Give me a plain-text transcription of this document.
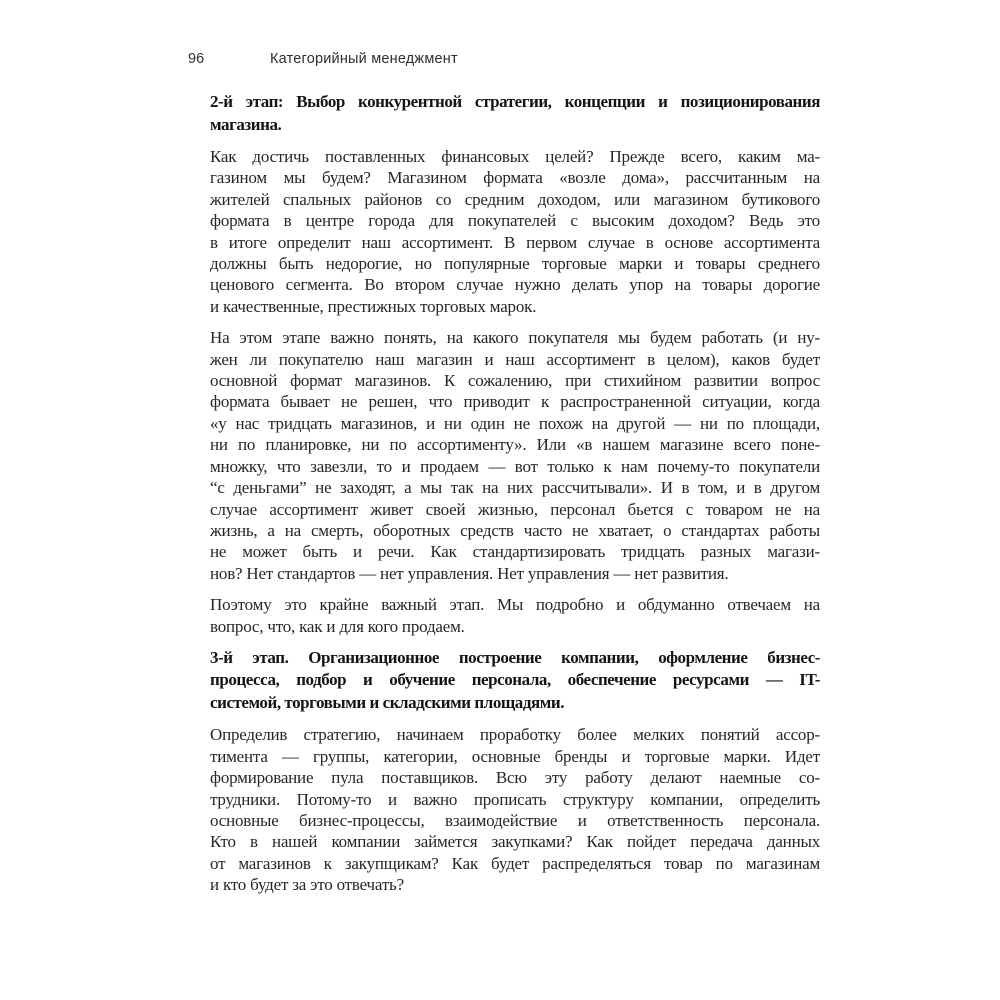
96	Категорийный менеджмент
2-й этап: Выбор конкурентной стратегии, концепции и позиционирования
магазина.
Как достичь поставленных финансовых целей? Прежде всего, каким ма-
газином мы будем? Магазином формата «возле дома», рассчитанным на
жителей спальных районов со средним доходом, или магазином бутикового
формата в центре города для покупателей с высоким доходом? Ведь это
в итоге определит наш ассортимент. В первом случае в основе ассортимента
должны быть недорогие, но популярные торговые марки и товары среднего
ценового сегмента. Во втором случае нужно делать упор на товары дорогие
и качественные, престижных торговых марок.
На этом этапе важно понять, на какого покупателя мы будем работать (и ну-
жен ли покупателю наш магазин и наш ассортимент в целом), каков будет
основной формат магазинов. К сожалению, при стихийном развитии вопрос
формата бывает не решен, что приводит к распространенной ситуации, когда
«у нас тридцать магазинов, и ни один не похож на другой — ни по площади,
ни по планировке, ни по ассортименту». Или «в нашем магазине всего поне-
множку, что завезли, то и продаем — вот только к нам почему-то покупатели
“с деньгами” не заходят, а мы так на них рассчитывали». И в том, и в другом
случае ассортимент живет своей жизнью, персонал бьется с товаром не на
жизнь, а на смерть, оборотных средств часто не хватает, о стандартах работы
не может быть и речи. Как стандартизировать тридцать разных магази-
нов? Нет стандартов — нет управления. Нет управления — нет развития.
Поэтому это крайне важный этап. Мы подробно и обдуманно отвечаем на
вопрос, что, как и для кого продаем.
3-й этап. Организационное построение компании, оформление бизнес-
процесса, подбор и обучение персонала, обеспечение ресурсами — IT-
системой, торговыми и складскими площадями.
Определив стратегию, начинаем проработку более мелких понятий ассор-
тимента — группы, категории, основные бренды и торговые марки. Идет
формирование пула поставщиков. Всю эту работу делают наемные со-
трудники. Потому-то и важно прописать структуру компании, определить
основные бизнес-процессы, взаимодействие и ответственность персонала.
Кто в нашей компании займется закупками? Как пойдет передача данных
от магазинов к закупщикам? Как будет распределяться товар по магазинам
и кто будет за это отвечать?
